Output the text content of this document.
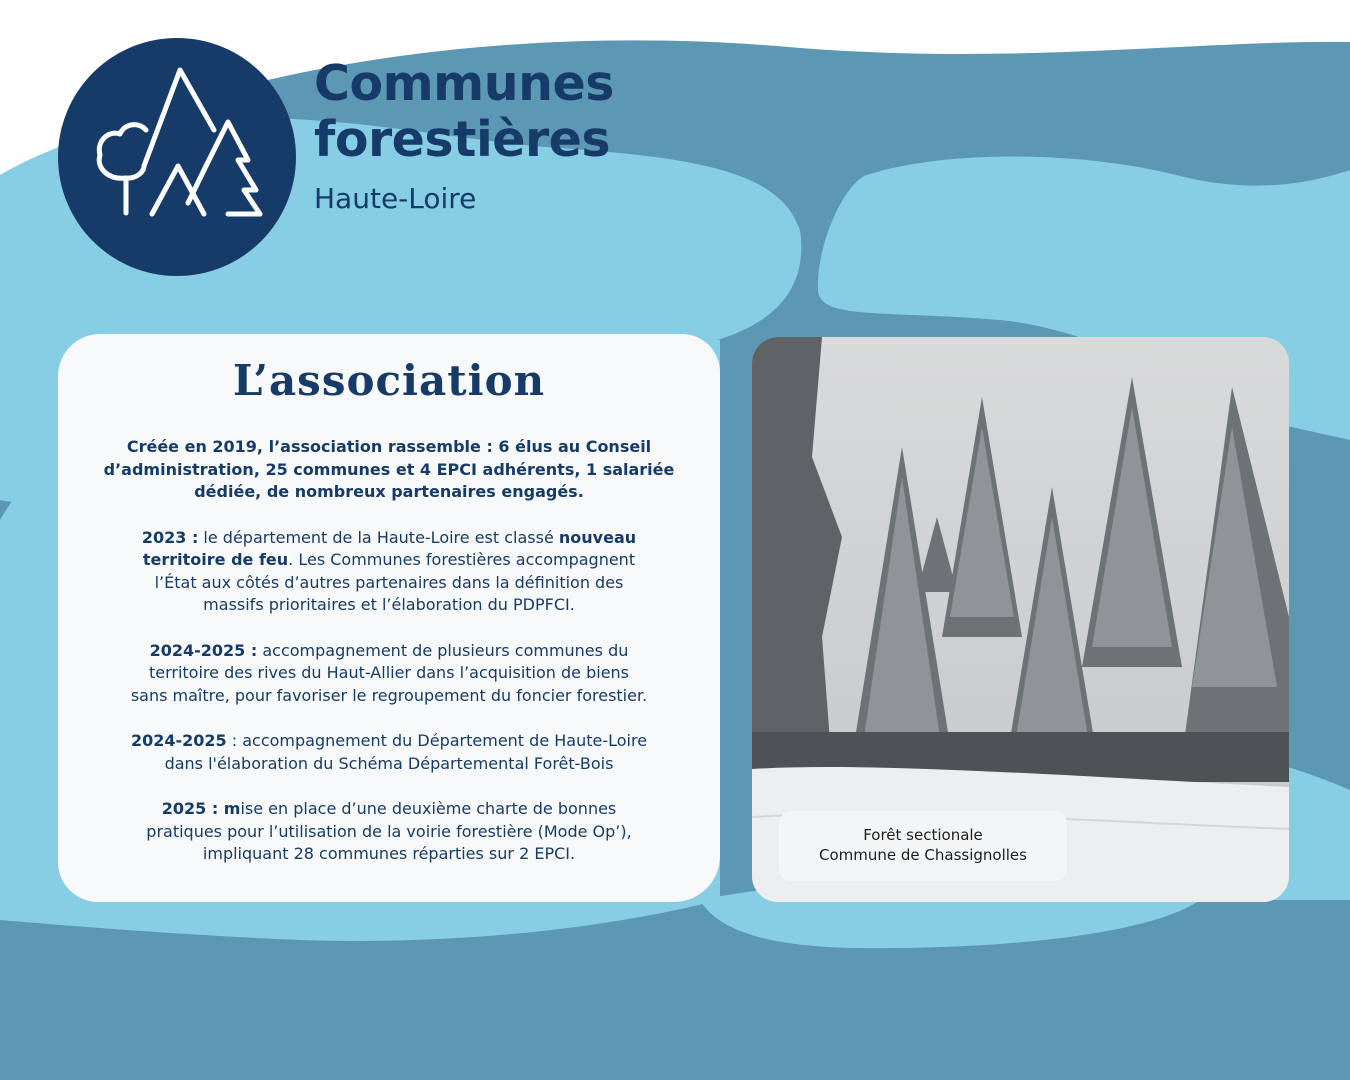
Communes
forestières
Haute-Loire
L’association
Créée en 2019, l’association rassemble : 6 élus au Conseil
d’administration, 25 communes et 4 EPCI adhérents, 1 salariée
dédiée, de nombreux partenaires engagés.
2023 : le département de la Haute-Loire est classé nouveau
territoire de feu. Les Communes forestières accompagnent
l’État aux côtés d’autres partenaires dans la définition des
massifs prioritaires et l’élaboration du PDPFCI.
2024-2025 : accompagnement de plusieurs communes du
territoire des rives du Haut-Allier dans l’acquisition de biens
sans maître, pour favoriser le regroupement du foncier forestier.
2024-2025 : accompagnement du Département de Haute-Loire
dans l'élaboration du Schéma Départemental Forêt-Bois
2025 : mise en place d’une deuxième charte de bonnes
pratiques pour l’utilisation de la voirie forestière (Mode Op’),
impliquant 28 communes réparties sur 2 EPCI.
Forêt sectionale
Commune de Chassignolles
